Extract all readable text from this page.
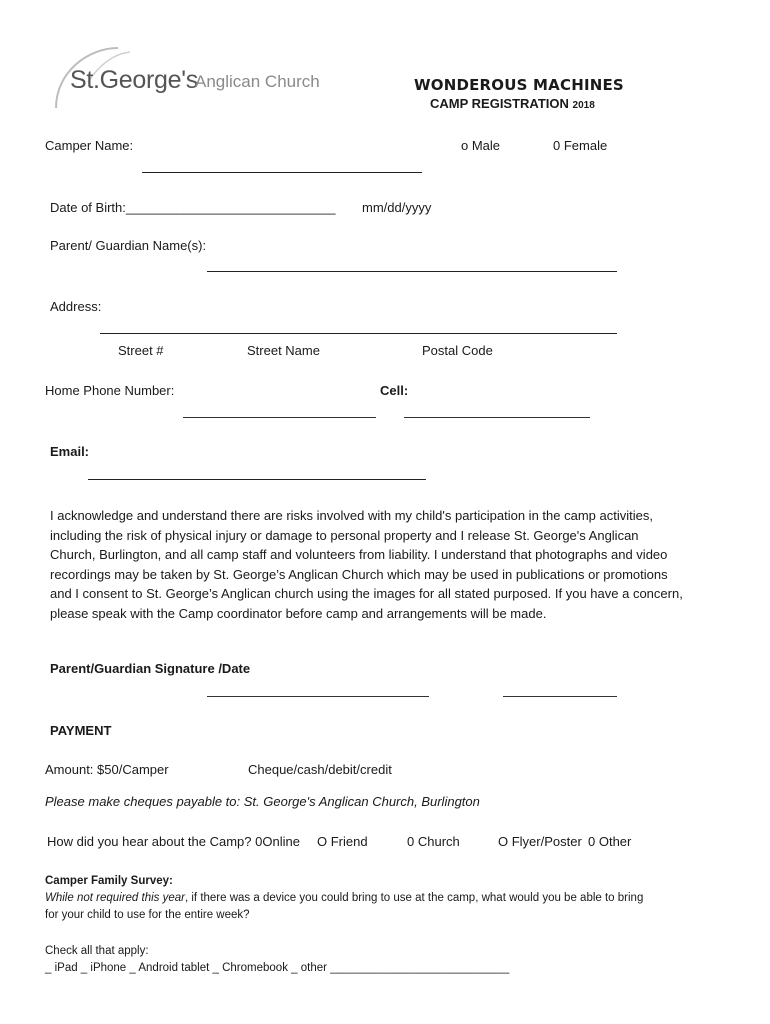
St.George's
Anglican Church	WONDEROUS MACHINES
CAMP REGISTRATION 2018
Camper Name:	o Male	0 Female
Date of Birth:_____________________________ mm/dd/yyyy
Parent/ Guardian Name(s):
Address:
Street #	Street Name	Postal Code
Home Phone Number:	Cell:
Email:

I acknowledge and understand there are risks involved with my child's participation in the camp activities,

including the risk of physical injury or damage to personal property and I release St. George's Anglican

Church, Burlington, and all camp staff and volunteers from liability. I understand that photographs and video

recordings may be taken by St. George’s Anglican Church which may be used in publications or promotions

and I consent to St. George’s Anglican church using the images for all stated purposed. If you have a concern,

please speak with the Camp coordinator before camp and arrangements will be made.

Parent/Guardian Signature /Date
PAYMENT
Amount: $50/Camper	Cheque/cash/debit/credit
Please make cheques payable to: St. George's Anglican Church, Burlington
How did you hear about the Camp? 0Online O Friend	0 Church	O Flyer/Poster 0 Other
Camper Family Survey:
While not required this year, if there was a device you could bring to use at the camp, what would you be able to bring
for your child to use for the entire week?
Check all that apply:
_ iPad _ iPhone _ Android tablet _ Chromebook _ other ____________________________
